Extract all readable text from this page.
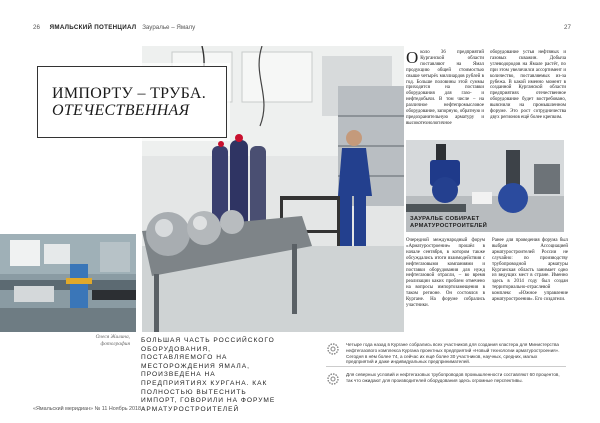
26 ЯМАЛЬСКИЙ ПОТЕНЦИАЛ Зауралье – Ямалу	27
ИМПОРТУ – ТРУБА.
ОТЕЧЕСТВЕННАЯ
Олеся Жилина, фотография БОЛЬШАЯ ЧАСТЬ РОССИЙСКОГО ОБОРУДОВАНИЯ, ПОСТАВЛЯЕМОГО НА МЕСТОРОЖДЕНИЯ ЯМАЛА, ПРОИЗВЕДЕНА НА ПРЕДПРИЯТИЯХ КУРГАНА. КАК ПОЛНОСТЬЮ ВЫТЕСНИТЬ ИМПОРТ, ГОВОРИЛИ НА ФОРУМЕ АРМАТУРОСТРОИТЕЛЕЙ
О коло 36 предприятий Курганской области поставляют на Ямал продукцию общей стоимостью свыше четырёх миллиардов рублей в год. Больше половины этой суммы приходится на поставки оборудования для газо- и нефтедобычи. В том числе – на различное нефтепромысловое оборудование, запорную, обратную и предохранительную арматуру и высокотехнологичное
оборудование устья нефтяных и газовых скважин. Добыча углеводородов на Ямале растёт, по при этом увеличился ассортимент и количество, поставляемых из-за рубежа. В какой именно момент в созданной Курганской области предприятиях отечественное оборудование будет востребовано, выяснили на промышленном форуме. Это рост сотрудничества двух регионов ещё более крепким.
ЗАУРАЛЬЕ СОБИРАЕТ АРМАТУРОСТРОИТЕЛЕЙ
Очередной международный форум «Арматуростроение» прошёл в начале сентября, в котором также обсуждались итоги взаимодействия с нефтегазовыми компаниями и поставки оборудования для нужд нефтегазовой отрасли, – во время реализации каких проблем отмечено на вопросы импортозамещения в таком регионе. Он состоялся в Кургане. На форуме собрались участники.
Ранее для проведения форума был выбран Ассоциацией арматуростроителей России не случайно: по производству трубопроводной арматуры Курганская область занимает одно из ведущих мест в стране. Именно здесь в 2014 году был создан территориально-отраслевой комплекс «Южное управление арматуростроения». Его создатели.
Четыре года назад в Кургане собрались всех участников для создания кластера для Министерства нефтегазового комплекса Кургана проектных предприятий «Новый технологии арматуростроения». Сегодня в нём более 74, а сейчас их ещё более 30 участников, научных, средних, малых предприятий и даже индивидуальных предпринимателей.
Для северных условий и нефтегазовых трубопроводов промышленности составляют 60 процентов, так что ожидают для производителей оборудования здесь огромные перспективы.
«Ямальский меридиан» № 11 Ноябрь 2018 г.
